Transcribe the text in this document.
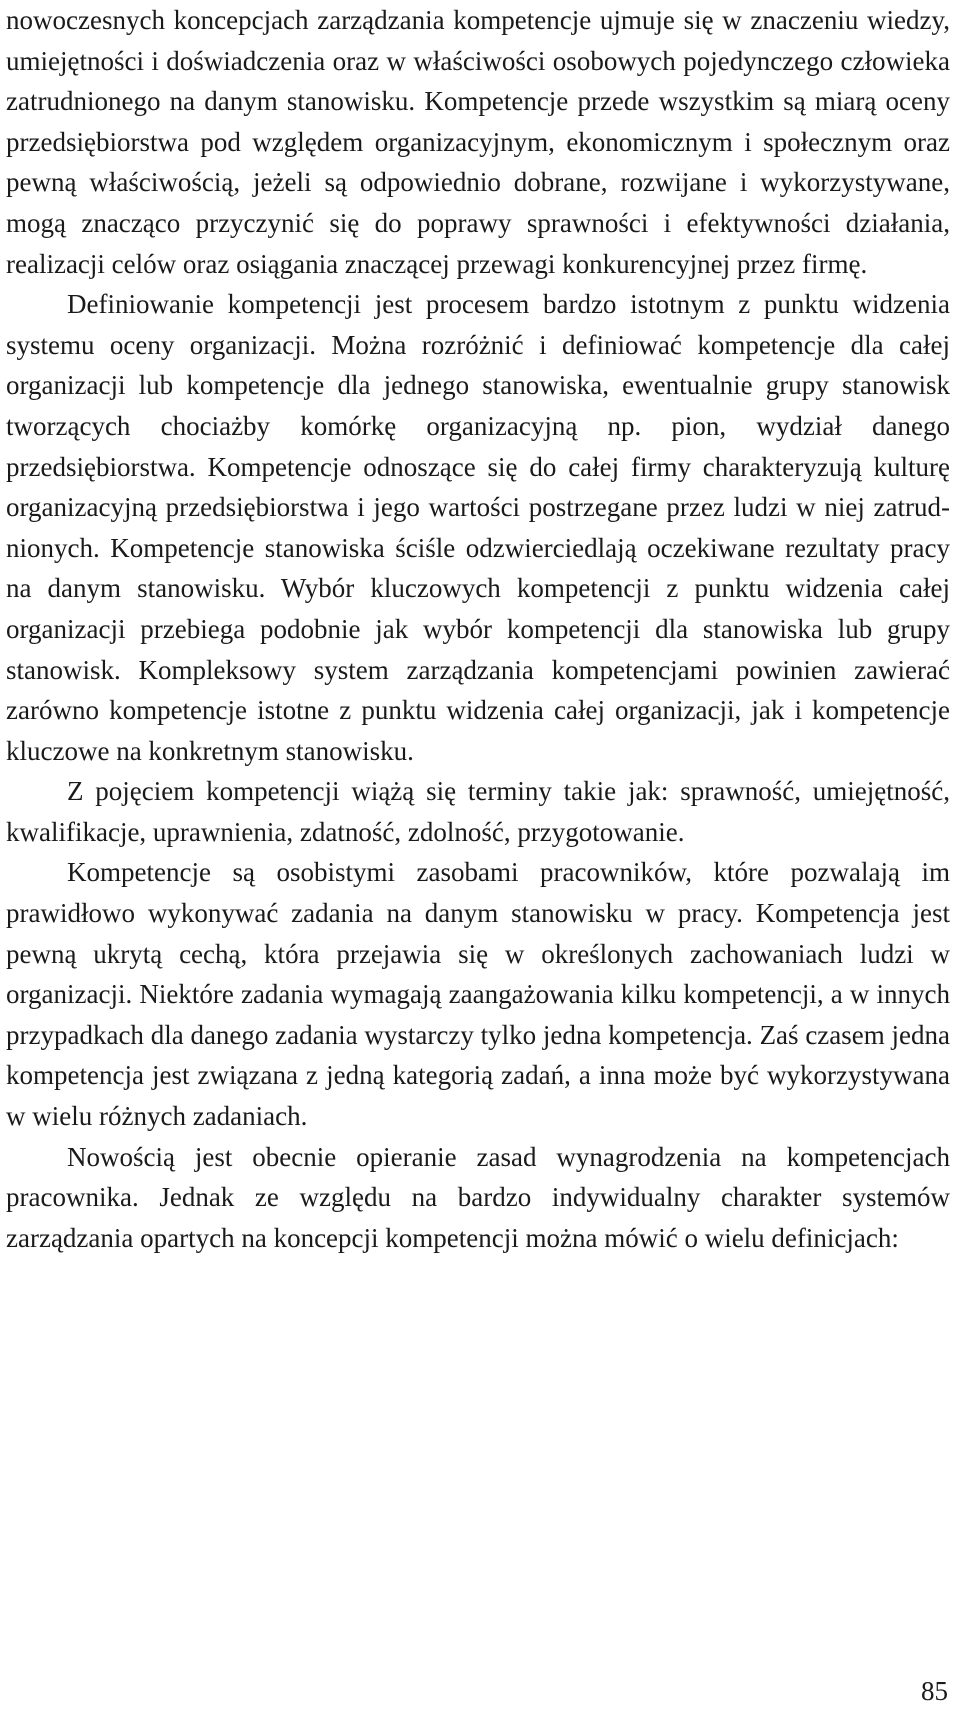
nowoczesnych koncepcjach zarządzania kompetencje ujmuje się w znaczeniu wiedzy, umiejętności i doświadczenia oraz w właściwości osobowych pojedynczego człowieka zatrudnionego na danym stanowisku. Kompetencje przede wszystkim są miarą oceny przedsiębiorstwa pod względem organizacyjnym, ekonomicznym i społecznym oraz pewną właściwością, jeżeli są odpowiednio dobrane, rozwijane i wykorzystywane, mogą znacząco przyczynić się do poprawy sprawności i efektywności działania, realizacji celów oraz osiągania znaczącej przewagi konkurencyjnej przez firmę.

Definiowanie kompetencji jest procesem bardzo istotnym z punktu widzenia systemu oceny organizacji. Można rozróżnić i definiować kompetencje dla całej organizacji lub kompetencje dla jednego stanowiska, ewentualnie grupy stanowisk tworzących chociażby komórkę organizacyjną np. pion, wydział danego przedsiębiorstwa. Kompetencje odnoszące się do całej firmy charakteryzują kulturę organizacyjną przedsiębiorstwa i jego wartości postrzegane przez ludzi w niej zatrudnionych. Kompetencje stanowiska ściśle odzwierciedlają oczekiwane rezultaty pracy na danym stanowisku. Wybór kluczowych kompetencji z punktu widzenia całej organizacji przebiega podobnie jak wybór kompetencji dla stanowiska lub grupy stanowisk. Kompleksowy system zarządzania kompetencjami powinien zawierać zarówno kompetencje istotne z punktu widzenia całej organizacji, jak i kompetencje kluczowe na konkretnym stanowisku.

Z pojęciem kompetencji wiążą się terminy takie jak: sprawność, umiejętność, kwalifikacje, uprawnienia, zdatność, zdolność, przygotowanie.

Kompetencje są osobistymi zasobami pracowników, które pozwalają im prawidłowo wykonywać zadania na danym stanowisku w pracy. Kompetencja jest pewną ukrytą cechą, która przejawia się w określonych zachowaniach ludzi w organizacji. Niektóre zadania wymagają zaangażowania kilku kompetencji, a w innych przypadkach dla danego zadania wystarczy tylko jedna kompetencja. Zaś czasem jedna kompetencja jest związana z jedną kategorią zadań, a inna może być wykorzystywana w wielu różnych zadaniach.

Nowością jest obecnie opieranie zasad wynagrodzenia na kompetencjach pracownika. Jednak ze względu na bardzo indywidualny charakter systemów zarządzania opartych na koncepcji kompetencji można mówić o wielu definicjach:

85
